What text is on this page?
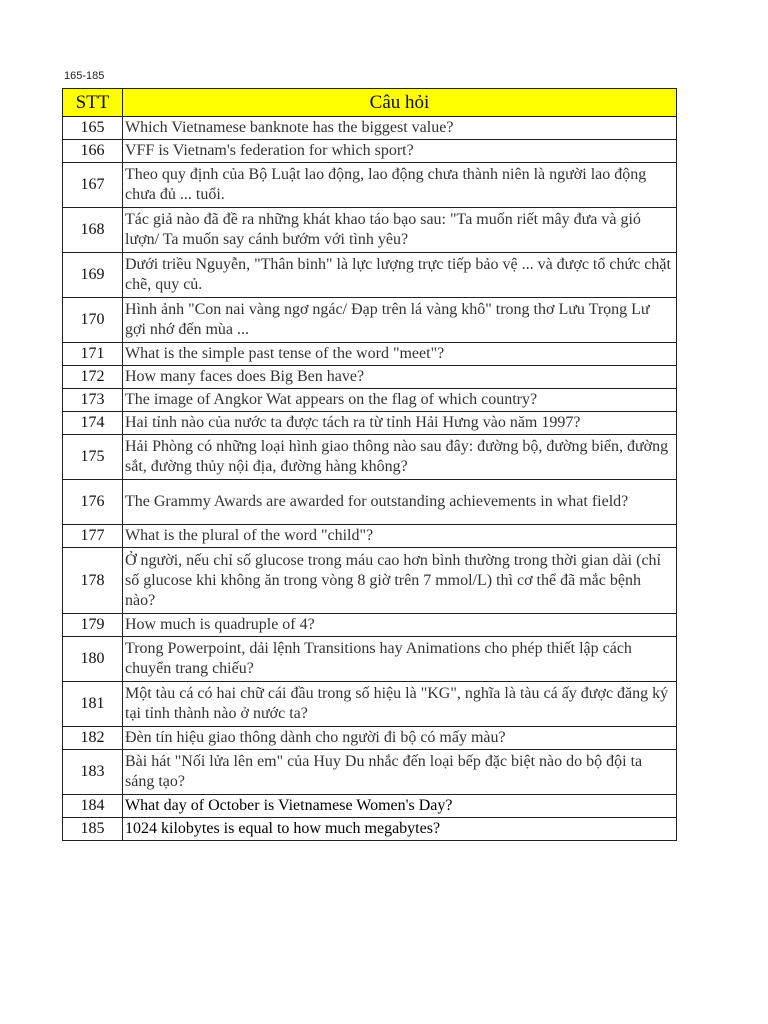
165-185
STT	Câu hỏi
165	Which Vietnamese banknote has the biggest value?
166	VFF is Vietnam's federation for which sport?
167	Theo quy định của Bộ Luật lao động, lao động chưa thành niên là người lao động chưa đủ ... tuổi.
168	Tác giả nào đã đề ra những khát khao táo bạo sau: "Ta muốn riết mây đưa và gió lượn/ Ta muốn say cánh bướm với tình yêu?
169	Dưới triều Nguyễn, "Thân binh" là lực lượng trực tiếp bảo vệ ... và được tổ chức chặt chẽ, quy củ.
170	Hình ảnh "Con nai vàng ngơ ngác/ Đạp trên lá vàng khô" trong thơ Lưu Trọng Lư gợi nhớ đến mùa ...
171	What is the simple past tense of the word "meet"?
172	How many faces does Big Ben have?
173	The image of Angkor Wat appears on the flag of which country?
174	Hai tỉnh nào của nước ta được tách ra từ tỉnh Hải Hưng vào năm 1997?
175	Hải Phòng có những loại hình giao thông nào sau đây: đường bộ, đường biển, đường sắt, đường thủy nội địa, đường hàng không?
176	The Grammy Awards are awarded for outstanding achievements in what field?
177	What is the plural of the word "child"?
178	Ở người, nếu chỉ số glucose trong máu cao hơn bình thường trong thời gian dài (chỉ số glucose khi không ăn trong vòng 8 giờ trên 7 mmol/L) thì cơ thể đã mắc bệnh nào?
179	How much is quadruple of 4?
180	Trong Powerpoint, dải lệnh Transitions hay Animations cho phép thiết lập cách chuyển trang chiếu?
181	Một tàu cá có hai chữ cái đầu trong số hiệu là "KG", nghĩa là tàu cá ấy được đăng ký tại tỉnh thành nào ở nước ta?
182	Đèn tín hiệu giao thông dành cho người đi bộ có mấy màu?
183	Bài hát "Nối lửa lên em" của Huy Du nhắc đến loại bếp đặc biệt nào do bộ đội ta sáng tạo?
184	What day of October is Vietnamese Women's Day?
185	1024 kilobytes is equal to how much megabytes?
